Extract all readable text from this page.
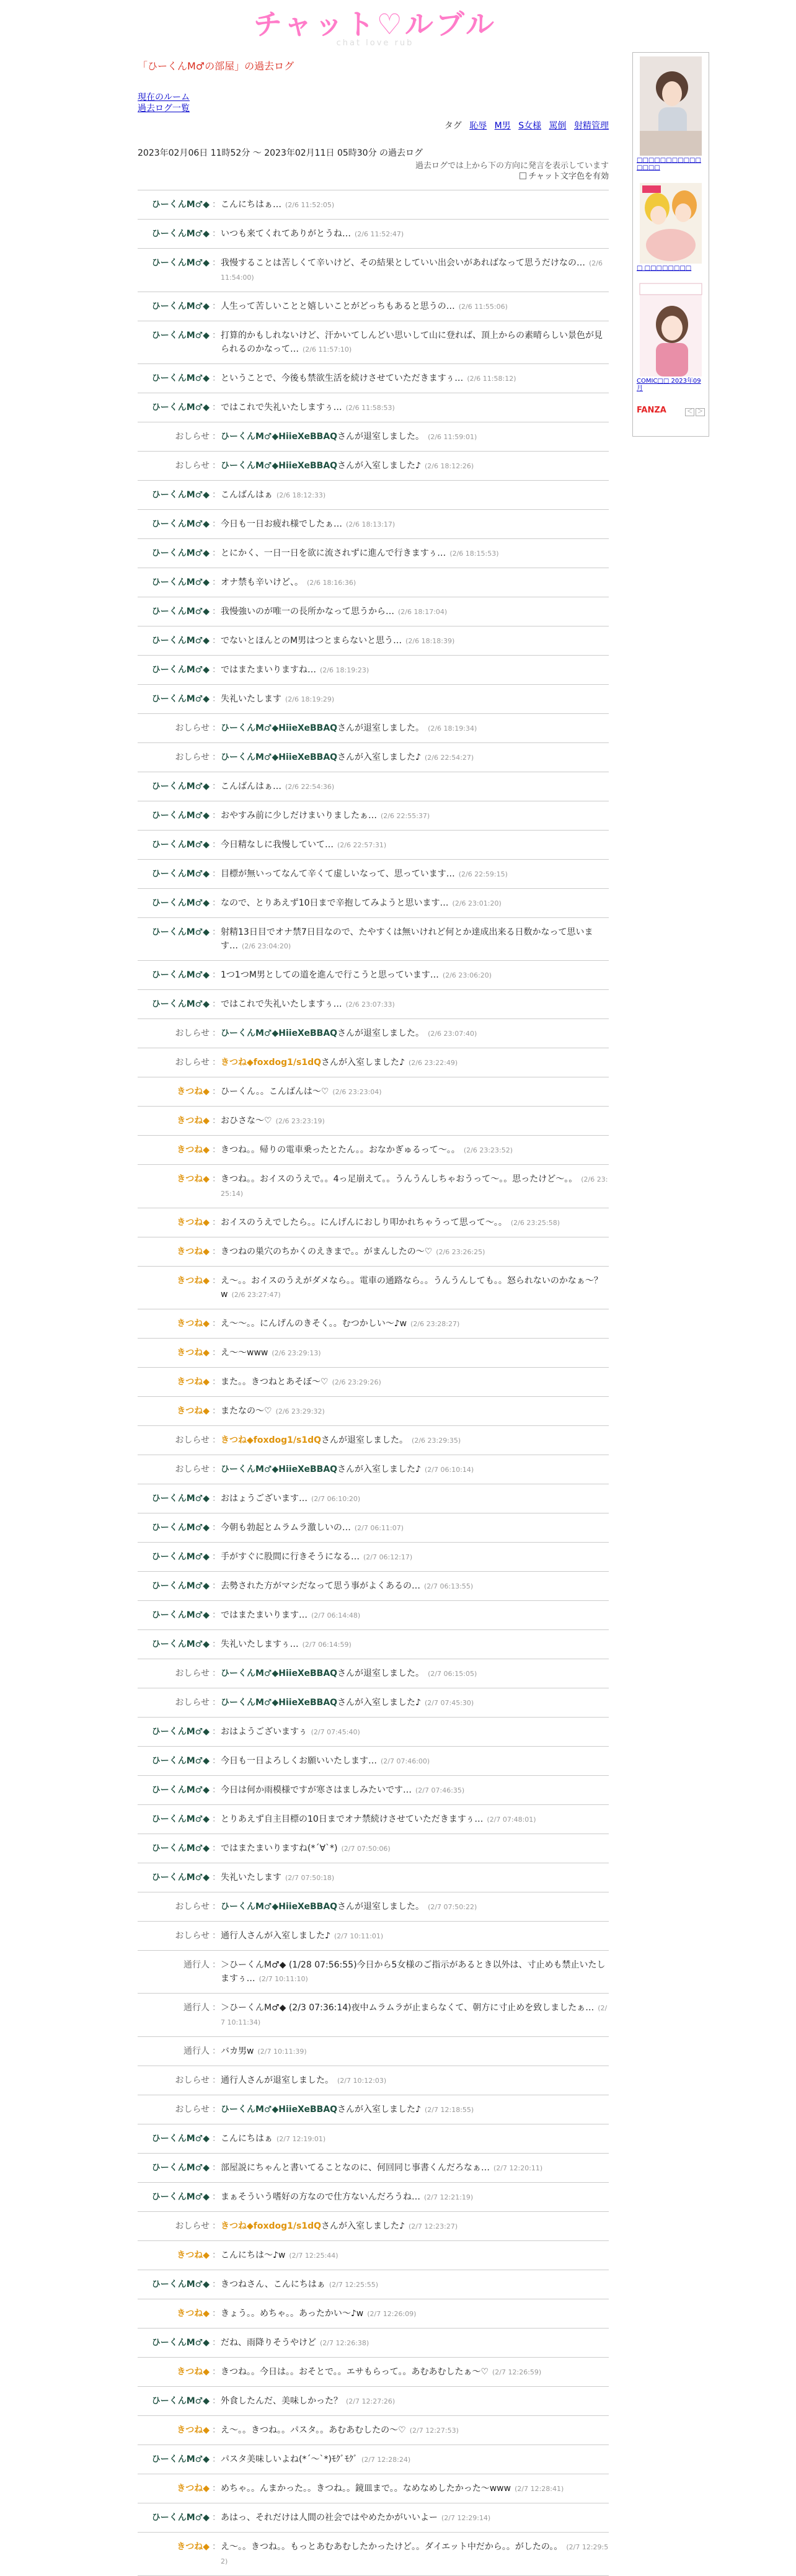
チャット♡ルブル
chat love rub
「ひーくんM♂の部屋」の過去ログ
現在のルーム
過去ログ一覧
タグ 恥辱 M男 S女様 罵倒 射精管理
2023年02月06日 11時52分 〜 2023年02月11日 05時30分 の過去ログ
過去ログでは上から下の方向に発言を表示しています
チャット文字色を有効
ひーくんM♂◆ ： こんにちはぁ… (2/6 11:52:05)
ひーくんM♂◆ ： いつも来てくれてありがとうね… (2/6 11:52:47)
ひーくんM♂◆ ： 我慢することは苦しくて辛いけど、その結果としていい出会いがあればなって思うだけなの… (2/6 11:54:00)
ひーくんM♂◆ ： 人生って苦しいことと嬉しいことがどっちもあると思うの… (2/6 11:55:06)
ひーくんM♂◆ ： 打算的かもしれないけど、汗かいてしんどい思いして山に登れば、頂上からの素晴らしい景色が見られるのかなって… (2/6 11:57:10)
ひーくんM♂◆ ： ということで、今後も禁欲生活を続けさせていただきますぅ… (2/6 11:58:12)
ひーくんM♂◆ ： ではこれで失礼いたしますぅ… (2/6 11:58:53)
おしらせ ： ひーくんM♂◆HiieXeBBAQさんが退室しました。 (2/6 11:59:01)
おしらせ ： ひーくんM♂◆HiieXeBBAQさんが入室しました♪ (2/6 18:12:26)
ひーくんM♂◆ ： こんばんはぁ (2/6 18:12:33)
ひーくんM♂◆ ： 今日も一日お疲れ様でしたぁ… (2/6 18:13:17)
ひーくんM♂◆ ： とにかく、一日一日を欲に流されずに進んで行きますぅ… (2/6 18:15:53)
ひーくんM♂◆ ： オナ禁も辛いけど、。 (2/6 18:16:36)
ひーくんM♂◆ ： 我慢強いのが唯一の長所かなって思うから… (2/6 18:17:04)
ひーくんM♂◆ ： でないとほんとのM男はつとまらないと思う… (2/6 18:18:39)
ひーくんM♂◆ ： ではまたまいりますね… (2/6 18:19:23)
ひーくんM♂◆ ： 失礼いたします (2/6 18:19:29)
おしらせ ： ひーくんM♂◆HiieXeBBAQさんが退室しました。 (2/6 18:19:34)
おしらせ ： ひーくんM♂◆HiieXeBBAQさんが入室しました♪ (2/6 22:54:27)
ひーくんM♂◆ ： こんばんはぁ… (2/6 22:54:36)
ひーくんM♂◆ ： おやすみ前に少しだけまいりましたぁ… (2/6 22:55:37)
ひーくんM♂◆ ： 今日精なしに我慢していて… (2/6 22:57:31)
ひーくんM♂◆ ： 目標が無いってなんて辛くて虚しいなって、思っています… (2/6 22:59:15)
ひーくんM♂◆ ： なので、とりあえず10日まで辛抱してみようと思います… (2/6 23:01:20)
ひーくんM♂◆ ： 射精13日目でオナ禁7日目なので、たやすくは無いけれど何とか達成出来る日数かなって思います… (2/6 23:04:20)
ひーくんM♂◆ ： 1つ1つM男としての道を進んで行こうと思っています… (2/6 23:06:20)
ひーくんM♂◆ ： ではこれで失礼いたしますぅ… (2/6 23:07:33)
おしらせ ： ひーくんM♂◆HiieXeBBAQさんが退室しました。 (2/6 23:07:40)
おしらせ ： きつね◆foxdog1/s1dQさんが入室しました♪ (2/6 23:22:49)
きつね◆ ： ひーくん。。こんばんは〜♡ (2/6 23:23:04)
きつね◆ ： おひさな〜♡ (2/6 23:23:19)
きつね◆ ： きつね。。帰りの電車乗ったとたん。。おなかぎゅるって〜。。 (2/6 23:23:52)
きつね◆ ： きつね。。おイスのうえで。。4っ足崩えて。。うんうんしちゃおうって〜。。思ったけど〜。。 (2/6 23:25:14)
きつね◆ ： おイスのうえでしたら。。にんげんにおしり叩かれちゃうって思って〜。。 (2/6 23:25:58)
きつね◆ ： きつねの巣穴のちかくのえきまで。。がまんしたの〜♡ (2/6 23:26:25)
きつね◆ ： え〜。。おイスのうえがダメなら。。電車の通路なら。。うんうんしても。。怒られないのかなぁ〜？w (2/6 23:27:47)
きつね◆ ： え〜〜。。にんげんのきそく。。むつかしい〜♪w (2/6 23:28:27)
きつね◆ ： え〜〜www (2/6 23:29:13)
きつね◆ ： また。。きつねとあそぼ〜♡ (2/6 23:29:26)
きつね◆ ： またなの〜♡ (2/6 23:29:32)
おしらせ ： きつね◆foxdog1/s1dQさんが退室しました。 (2/6 23:29:35)
おしらせ ： ひーくんM♂◆HiieXeBBAQさんが入室しました♪ (2/7 06:10:14)
ひーくんM♂◆ ： おはょうございます… (2/7 06:10:20)
ひーくんM♂◆ ： 今朝も勃起とムラムラ激しいの… (2/7 06:11:07)
ひーくんM♂◆ ： 手がすぐに股間に行きそうになる… (2/7 06:12:17)
ひーくんM♂◆ ： 去勢された方がマシだなって思う事がよくあるの… (2/7 06:13:55)
ひーくんM♂◆ ： ではまたまいります… (2/7 06:14:48)
ひーくんM♂◆ ： 失礼いたしますぅ… (2/7 06:14:59)
おしらせ ： ひーくんM♂◆HiieXeBBAQさんが退室しました。 (2/7 06:15:05)
おしらせ ： ひーくんM♂◆HiieXeBBAQさんが入室しました♪ (2/7 07:45:30)
ひーくんM♂◆ ： おはようございますぅ (2/7 07:45:40)
ひーくんM♂◆ ： 今日も一日よろしくお願いいたします… (2/7 07:46:00)
ひーくんM♂◆ ： 今日は何か雨模様ですが寒さはましみたいです… (2/7 07:46:35)
ひーくんM♂◆ ： とりあえず自主目標の10日までオナ禁続けさせていただきますぅ… (2/7 07:48:01)
ひーくんM♂◆ ： ではまたまいりますね(*´∀`*) (2/7 07:50:06)
ひーくんM♂◆ ： 失礼いたします (2/7 07:50:18)
おしらせ ： ひーくんM♂◆HiieXeBBAQさんが退室しました。 (2/7 07:50:22)
おしらせ ： 通行人さんが入室しました♪ (2/7 10:11:01)
通行人 ： ＞ひーくんM♂◆ (1/28 07:56:55)今日から5女様のご指示があるとき以外は、寸止めも禁止いたしますぅ… (2/7 10:11:10)
通行人 ： ＞ひーくんM♂◆ (2/3 07:36:14)夜中ムラムラが止まらなくて、朝方に寸止めを致しましたぁ… (2/7 10:11:34)
通行人 ： バカ男w (2/7 10:11:39)
おしらせ ： 通行人さんが退室しました。 (2/7 10:12:03)
おしらせ ： ひーくんM♂◆HiieXeBBAQさんが入室しました♪ (2/7 12:18:55)
ひーくんM♂◆ ： こんにちはぁ (2/7 12:19:01)
ひーくんM♂◆ ： 部屋説にちゃんと書いてることなのに、何回同じ事書くんだろなぁ… (2/7 12:20:11)
ひーくんM♂◆ ： まぁそういう嗜好の方なので仕方ないんだろうね… (2/7 12:21:19)
おしらせ ： きつね◆foxdog1/s1dQさんが入室しました♪ (2/7 12:23:27)
きつね◆ ： こんにちは〜♪w (2/7 12:25:44)
ひーくんM♂◆ ： きつねさん、こんにちはぁ (2/7 12:25:55)
きつね◆ ： きょう。。めちゃ。。あったかい〜♪w (2/7 12:26:09)
ひーくんM♂◆ ： だね、雨降りそうやけど (2/7 12:26:38)
きつね◆ ： きつね。。今日は。。おそとで。。エサもらって。。あむあむしたぁ〜♡ (2/7 12:26:59)
ひーくんM♂◆ ： 外食したんだ、美味しかった？ (2/7 12:27:26)
きつね◆ ： え〜。。きつね。。パスタ。。あむあむしたの〜♡ (2/7 12:27:53)
ひーくんM♂◆ ： パスタ美味しいよね(*´～`*)ﾓｸﾞﾓｸﾞ (2/7 12:28:24)
きつね◆ ： めちゃ。。んまかった。。きつね。。鏡皿まで。。なめなめしたかった〜www (2/7 12:28:41)
ひーくんM♂◆ ： あはっ、それだけは人間の社会ではやめたかがいいよー (2/7 12:29:14)
きつね◆ ： え〜。。きつね。。もっとあむあむしたかったけど。。ダイエット中だから。。がしたの。。 (2/7 12:29:52)
□□□□□□□□□□□□□□□
□ □□□□□□□□
COMIC□□ 2023年09月
FANZA	＜ ＞
